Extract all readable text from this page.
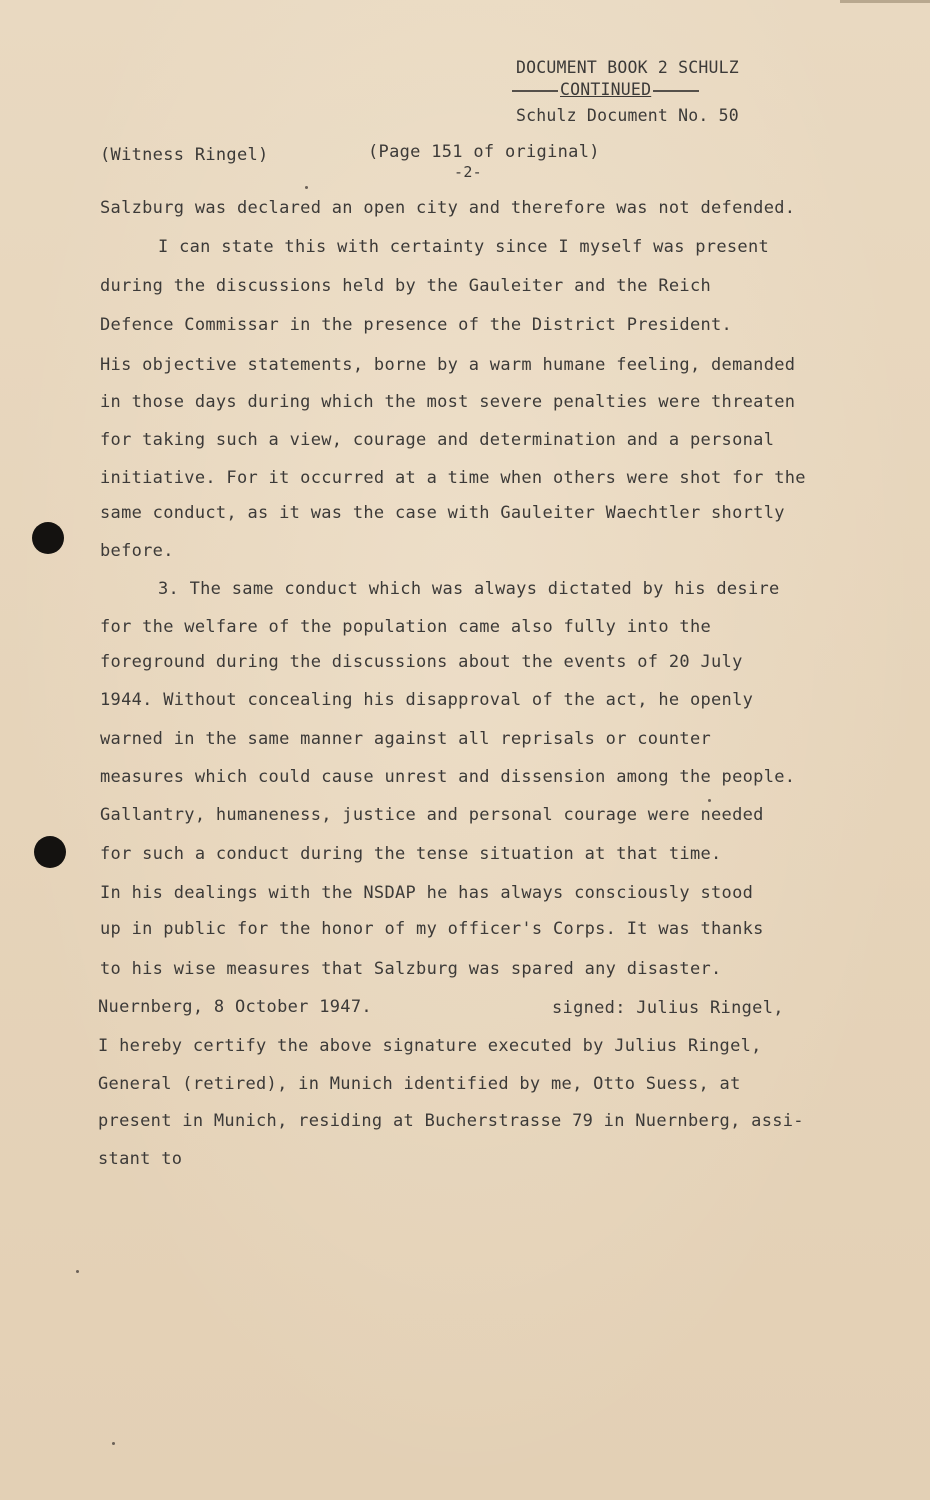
DOCUMENT BOOK 2 SCHULZ
CONTINUED
Schulz Document No. 50
(Witness Ringel)	(Page 151 of original)
-2-
Salzburg was declared an open city and therefore was not defended.
I can state this with certainty since I myself was present
during the discussions held by the Gauleiter and the Reich
Defence Commissar in the presence of the District President.
His objective statements, borne by a warm humane feeling, demanded
in those days during which the most severe penalties were threaten
for taking such a view, courage and determination and a personal
initiative. For it occurred at a time when others were shot for the
same conduct, as it was the case with Gauleiter Waechtler shortly
before.
3. The same conduct which was always dictated by his desire
for the welfare of the population came also fully into the
foreground during the discussions about the events of 20 July
1944. Without concealing his disapproval of the act, he openly
warned in the same manner against all reprisals or counter
measures which could cause unrest and dissension among the people.
Gallantry, humaneness, justice and personal courage were needed
for such a conduct during the tense situation at that time.
In his dealings with the NSDAP he has always consciously stood
up in public for the honor of my officer's Corps. It was thanks
to his wise measures that Salzburg was spared any disaster.
Nuernberg, 8 October 1947.	signed: Julius Ringel,
I hereby certify the above signature executed by Julius Ringel,
General (retired), in Munich identified by me, Otto Suess, at
present in Munich, residing at Bucherstrasse 79 in Nuernberg, assi-
stant to
